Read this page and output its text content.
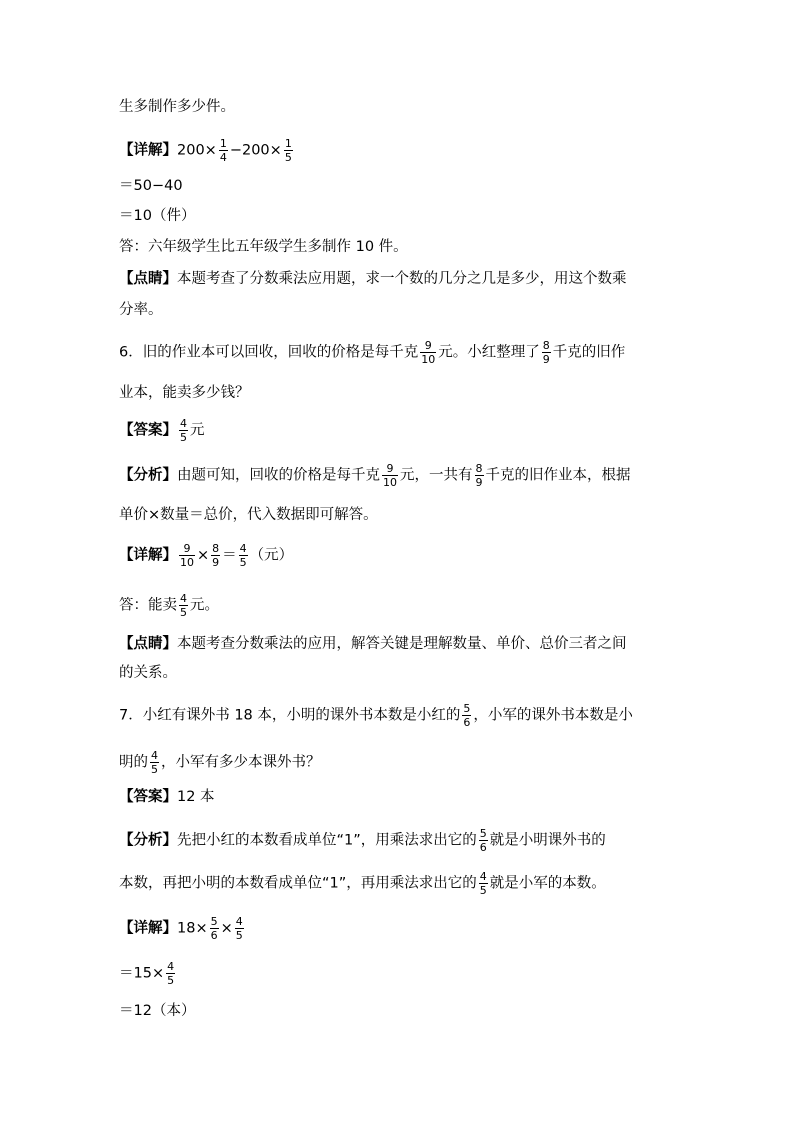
生多制作多少件。
【详解】$200\times \frac{1}{4} -200\times \frac{1}{5}$
＝50−40
＝10（件）
答：六年级学生比五年级学生多制作 10 件。
【点睛】本题考查了分数乘法应用题，求一个数的几分之几是多少，用这个数乘
分率。
6．旧的作业本可以回收，回收的价格是每千克 $\frac{9}{10}$ 元。小红整理了 $\frac{8}{9}$ 千克的旧作
业本，能卖多少钱？
【答案】 $\frac{4}{5}$ 元
【分析】由题可知，回收的价格是每千克 $\frac{9}{10}$ 元，一共有 $\frac{8}{9}$ 千克的旧作业本，根据
单价×数量＝总价，代入数据即可解答。
【详解】 $\frac{9}{10} \times \frac{8}{9} = \frac{4}{5}$ （元）
答：能卖 $\frac{4}{5}$ 元。
【点睛】本题考查分数乘法的应用，解答关键是理解数量、单价、总价三者之间
的关系。
7．小红有课外书 18 本，小明的课外书本数是小红的 $\frac{5}{6}$ ，小军的课外书本数是小
明的 $\frac{4}{5}$ ，小军有多少本课外书？
【答案】12 本
【分析】先把小红的本数看成单位“1”，用乘法求出它的 $\frac{5}{6}$ 就是小明课外书的
本数，再把小明的本数看成单位“1”，再用乘法求出它的 $\frac{4}{5}$ 就是小军的本数。
【详解】$18\times \frac{5}{6} \times \frac{4}{5}$
$=15\times \frac{4}{5}$
＝12（本）
